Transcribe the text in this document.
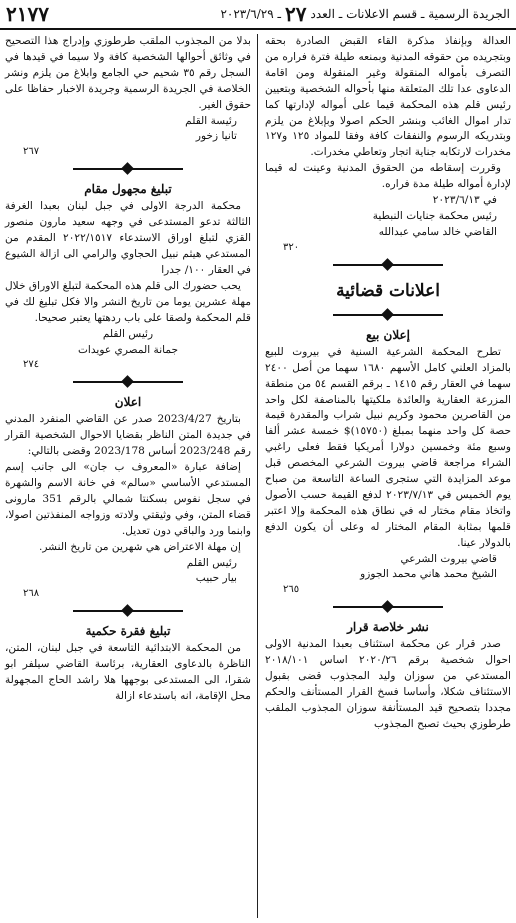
الجريدة الرسمية ـ قسم الاعلانات ـ العدد
٢٧
ـ ٢٠٢٣/٦/٢٩
٢١٧٧

العدالة وبإنفاذ مذكرة القاء القبض الصادرة بحقه وبتجريده من حقوقه المدنية وبمنعه طيلة فترة فراره من التصرف بأمواله المنقولة وغير المنقولة ومن اقامة الدعاوى عدا تلك المتعلقة منها بأحواله الشخصية وبتعيين رئيس قلم هذه المحكمة قيما على أمواله لإدارتها كما تدار اموال الغائب وبنشر الحكم اصولا وبإبلاغ من يلزم وبتدريكه الرسوم والنفقات كافة وفقا للمواد ١٢٥ و١٢٧ مخدرات لارتكابه جناية اتجار وتعاطي مخدرات.

وقررت إسقاطه من الحقوق المدنية وعينت له قيما لإدارة أمواله طيلة مدة فراره.

في ٢٠٢٣/٦/١٣

رئيس محكمة جنايات النبطية

القاضي خالد سامي عبدالله

٣٢٠

اعلانات قضائية
إعلان بيع

تطرح المحكمة الشرعية السنية في بيروت للبيع بالمزاد العلني كامل الأسهم ١٦٨٠ سهما من أصل ٢٤٠٠ سهما في العقار رقم ١٤١٥ ـ برقم القسم ٥٤ من منطقة المزرعة العقارية والعائدة ملكيتها بالمناصفة لكل واحد من القاصرين محمود وكريم نبيل شراب والمقدرة قيمة حصة كل واحد منهما بمبلغ (١٥٧٥٠)$ خمسة عشر ألفا وسبع مئة وخمسين دولارا أمريكيا فقط فعلى راغبي الشراء مراجعة قاضي بيروت الشرعي المخصص قبل موعد المزايدة التي ستجرى الساعة التاسعة من صباح يوم الخميس في ٢٠٢٣/٧/١٣ لدفع القيمة حسب الأصول واتخاذ مقام مختار له في نطاق هذه المحكمة وإلا اعتبر قلمها بمثابة المقام المختار له وعلى أن يكون الدفع بالدولار عينا.

قاضي بيروت الشرعي

الشيخ محمد هاني محمد الجوزو

٢٦٥

نشر خلاصة قرار

صدر قرار عن محكمة استئناف بعبدا المدنية الاولى احوال شخصية برقم ٢٠٢٠/٢٦ اساس ٢٠١٨/١٠١ المستدعي من سوزان وليد المجذوب قضى بقبول الاستئناف شكلا، وأساسا فسخ القرار المستأنف والحكم مجددا بتصحيح قيد المستأنفة سوزان المجذوب الملقب طرطوزي بحيث تصبح المجذوب

بدلا من المجذوب الملقب طرطوزي وإدراج هذا التصحيح في وثائق أحوالها الشخصية كافة ولا سيما في قيدها في السجل رقم ٣٥ شحيم حي الجامع وابلاغ من يلزم ونشر الخلاصة في الجريدة الرسمية وجريدة الاخبار حفاظا على حقوق الغير.

رئيسة القلم

تانيا زخور

٢٦٧

تبليغ مجهول مقام

محكمة الدرجة الاولى في جبل لبنان بعبدا الغرفة الثالثة تدعو المستدعى في وجهه سعيد مارون منصور القزي لتبلغ اوراق الاستدعاء ٢٠٢٢/١٥١٧ المقدم من المستدعي هيثم نبيل الحجاوي والرامي الى ازالة الشيوع في العقار ١٠٠/ جدرا

يحب حضورك الى قلم هذه المحكمة لتبلغ الاوراق خلال مهلة عشرين يوما من تاريخ النشر والا فكل تبليغ لك في قلم المحكمة ولصقا على باب ردهتها يعتبر صحيحا.

رئيس القلم

جمانة المصري عويدات

٢٧٤

اعلان

بتاريخ 2023/4/27 صدر عن القاضي المنفرد المدني في جديدة المتن الناظر بقضايا الاحوال الشخصية القرار رقم 2023/248 أساس 2023/178 وقضى بالتالي:

إضافة عبارة «المعروف ب جان» الى جانب إسم المستدعي الأساسي «سالم» في خانة الاسم والشهرة في سجل نفوس بسكنتا شمالي بالرقم 351 مارونى قضاء المتن، وفي وثيقتي ولادته وزواجه المنفذتين اصولا، وابنما ورد والباقي دون تعديل.

إن مهلة الاعتراض هي شهرين من تاريخ النشر.

رئيس القلم

بيار حبيب

٢٦٨

تبليغ فقرة حكمية

من المحكمة الابتدائية التاسعة في جبل لبنان، المتن، الناظرة بالدعاوى العقارية، برئاسة القاضي سيلفر ابو شقرا، الى المستدعى بوجهها هلا راشد الحاج المجهولة محل الإقامة، انه باستدعاء ازالة
